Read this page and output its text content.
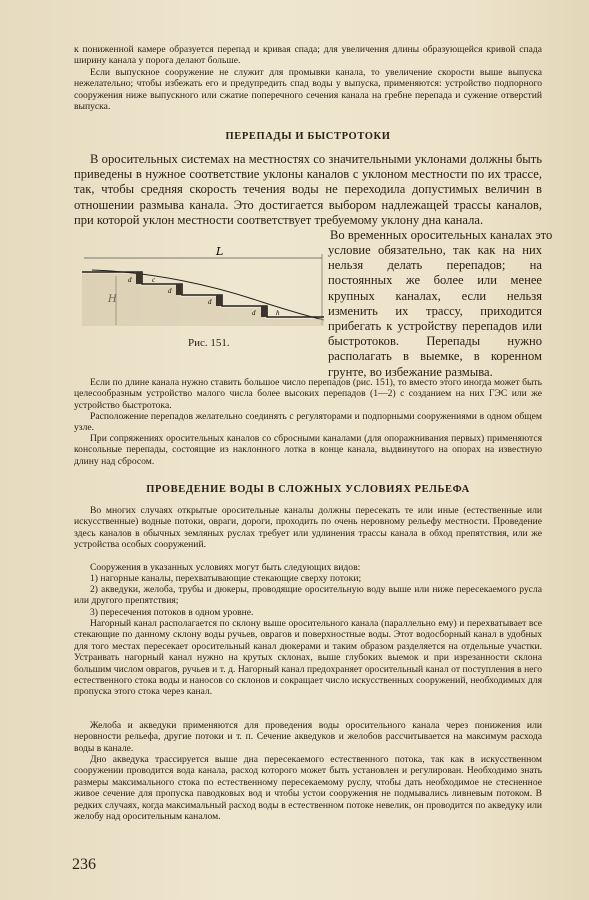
к пониженной камере образуется перепад и кривая спада; для увеличения длины образующейся кривой спада ширину канала у порога делают больше.

Если выпускное сооружение не служит для промывки канала, то увеличение скорости выше выпуска нежелательно; чтобы избежать его и предупредить спад воды у выпуска, применяются: устройство подпорного сооружения ниже выпускного или сжатие поперечного сечения канала на гребне перепада и сужение отверстий выпуска.

ПЕРЕПАДЫ И БЫСТРОТОКИ

В оросительных системах на местностях со значительными уклонами должны быть приведены в нужное соответствие уклоны каналов с уклоном местности по их трассе, так, чтобы средняя скорость течения воды не переходила допустимых величин в отношении размыва канала. Это достигается выбором надлежащей трассы каналов, при которой уклон местности соответствует требуемому уклону дна канала.

Во временных оросительных каналах это

условие обязательно, так как на них нельзя делать перепадов; на постоянных же более или менее крупных каналах, если нельзя изменить их трассу, приходится прибегать к устройству перепадов или быстротоков. Перепады нужно располагать в выемке, в коренном грунте, во избежание размыва.

L
d
d
d
d
c
h
Рис. 151.

Если по длине канала нужно ставить большое число перепадов (рис. 151), то вместо этого иногда может быть целесообразным устройство малого числа более высоких перепадов (1—2) с созданием на них ГЭС или же устройство быстротока.

Расположение перепадов желательно соединять с регуляторами и подпорными сооружениями в одном общем узле.

При сопряжениях оросительных каналов со сбросными каналами (для опоражнивания первых) применяются консольные перепады, состоящие из наклонного лотка в конце канала, выдвинутого на опорах на известную длину над сбросом.

ПРОВЕДЕНИЕ ВОДЫ В СЛОЖНЫХ УСЛОВИЯХ РЕЛЬЕФА

Во многих случаях открытые оросительные каналы должны пересекать те или иные (естественные или искусственные) водные потоки, овраги, дороги, проходить по очень неровному рельефу местности. Проведение здесь каналов в обычных земляных руслах требует или удлинения трассы канала в обход препятствия, или же устройства особых сооружений.

Сооружения в указанных условиях могут быть следующих видов:

1) нагорные каналы, перехватывающие стекающие сверху потоки;

2) акведуки, желоба, трубы и дюкеры, проводящие оросительную воду выше или ниже пересекаемого русла или другого препятствия;

3) пересечения потоков в одном уровне.

Нагорный канал располагается по склону выше оросительного канала (параллельно ему) и перехватывает все стекающие по данному склону воды ручьев, оврагов и поверхностные воды. Этот водосборный канал в удобных для того местах пересекает оросительный канал дюкерами и таким образом разделяется на отдельные участки. Устраивать нагорный канал нужно на крутых склонах, выше глубоких выемок и при изрезанности склона большим числом оврагов, ручьев и т. д. Нагорный канал предохраняет оросительный канал от поступления в него естественного стока воды и наносов со склонов и сокращает число искусственных сооружений, необходимых для пропуска этого стока через канал.

Желоба и акведуки применяются для проведения воды оросительного канала через понижения или неровности рельефа, другие потоки и т. п. Сечение акведуков и желобов рассчитывается на максимум расхода воды в канале.

Дно акведука трассируется выше дна пересекаемого естественного потока, так как в искусственном сооружении проводится вода канала, расход которого может быть установлен и регулирован. Необходимо знать размеры максимального стока по естественному пересекаемому руслу, чтобы дать необходимое не стесненное живое сечение для пропуска паводковых вод и чтобы устои сооружения не подмывались ливневым потоком. В редких случаях, когда максимальный расход воды в естественном потоке невелик, он проводится по акведуку или желобу над оросительным каналом.

236
